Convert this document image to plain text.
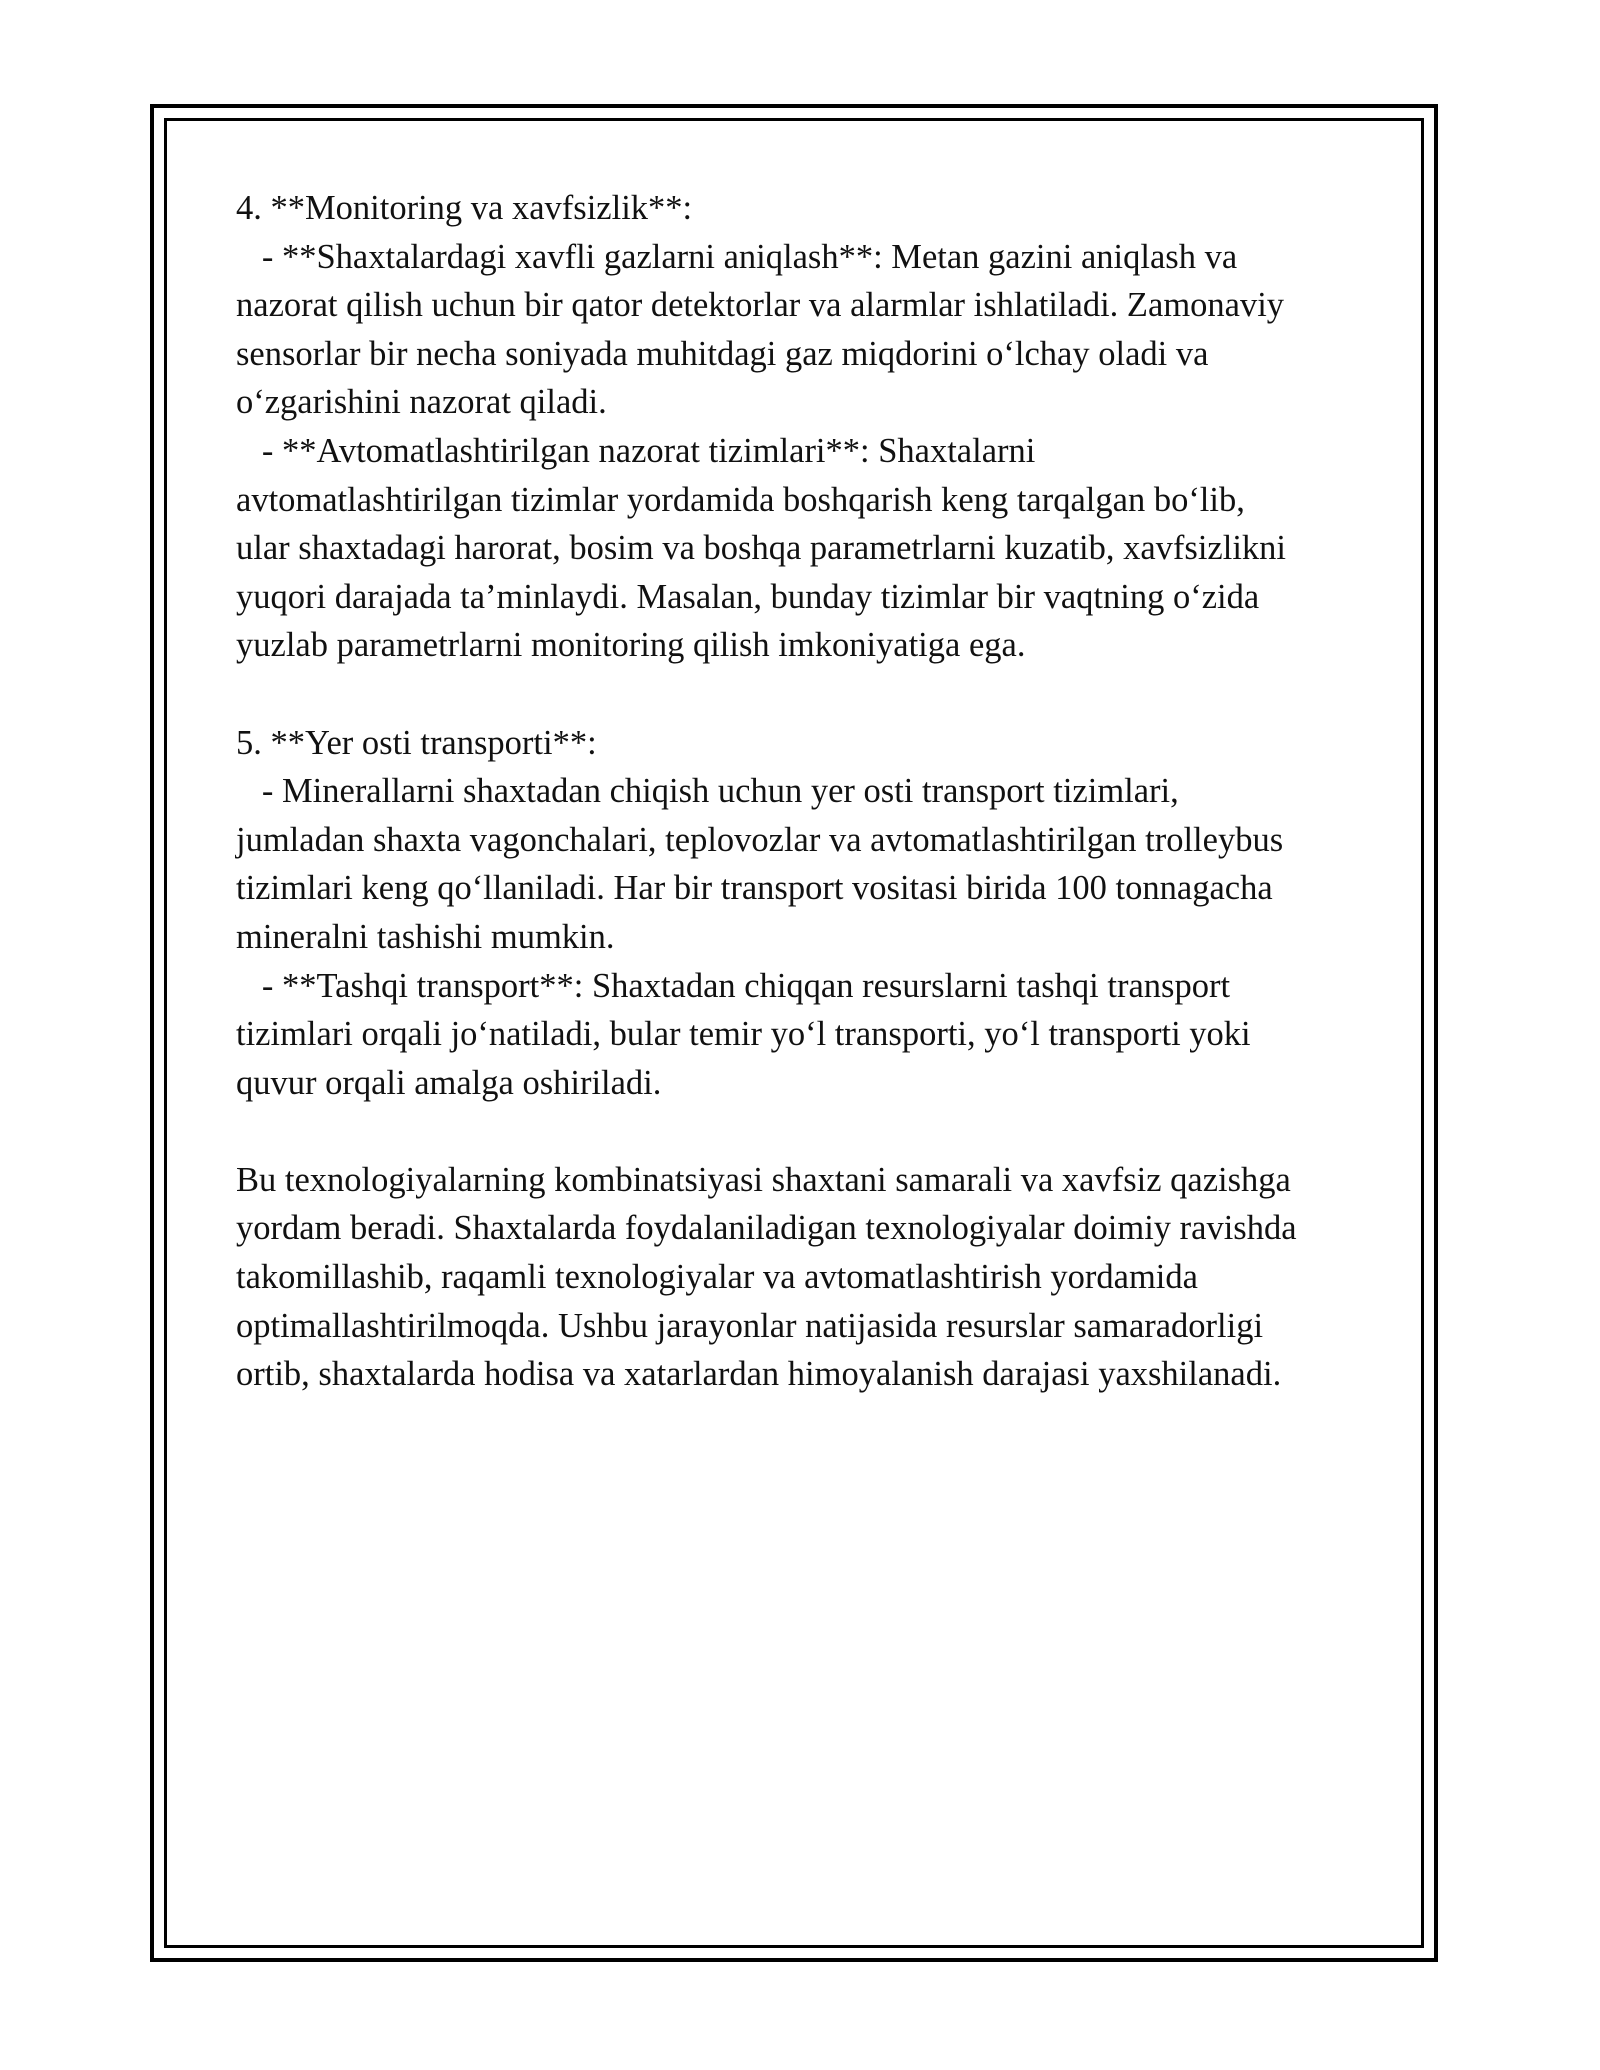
4. **Monitoring va xavfsizlik**:
- **Shaxtalardagi xavfli gazlarni aniqlash**: Metan gazini aniqlash va
nazorat qilish uchun bir qator detektorlar va alarmlar ishlatiladi. Zamonaviy
sensorlar bir necha soniyada muhitdagi gaz miqdorini o‘lchay oladi va
o‘zgarishini nazorat qiladi.
- **Avtomatlashtirilgan nazorat tizimlari**: Shaxtalarni
avtomatlashtirilgan tizimlar yordamida boshqarish keng tarqalgan bo‘lib,
ular shaxtadagi harorat, bosim va boshqa parametrlarni kuzatib, xavfsizlikni
yuqori darajada ta’minlaydi. Masalan, bunday tizimlar bir vaqtning o‘zida
yuzlab parametrlarni monitoring qilish imkoniyatiga ega.
5. **Yer osti transporti**:
- Minerallarni shaxtadan chiqish uchun yer osti transport tizimlari,
jumladan shaxta vagonchalari, teplovozlar va avtomatlashtirilgan trolleybus
tizimlari keng qo‘llaniladi. Har bir transport vositasi birida 100 tonnagacha
mineralni tashishi mumkin.
- **Tashqi transport**: Shaxtadan chiqqan resurslarni tashqi transport
tizimlari orqali jo‘natiladi, bular temir yo‘l transporti, yo‘l transporti yoki
quvur orqali amalga oshiriladi.
Bu texnologiyalarning kombinatsiyasi shaxtani samarali va xavfsiz qazishga
yordam beradi. Shaxtalarda foydalaniladigan texnologiyalar doimiy ravishda
takomillashib, raqamli texnologiyalar va avtomatlashtirish yordamida
optimallashtirilmoqda. Ushbu jarayonlar natijasida resurslar samaradorligi
ortib, shaxtalarda hodisa va xatarlardan himoyalanish darajasi yaxshilanadi.
